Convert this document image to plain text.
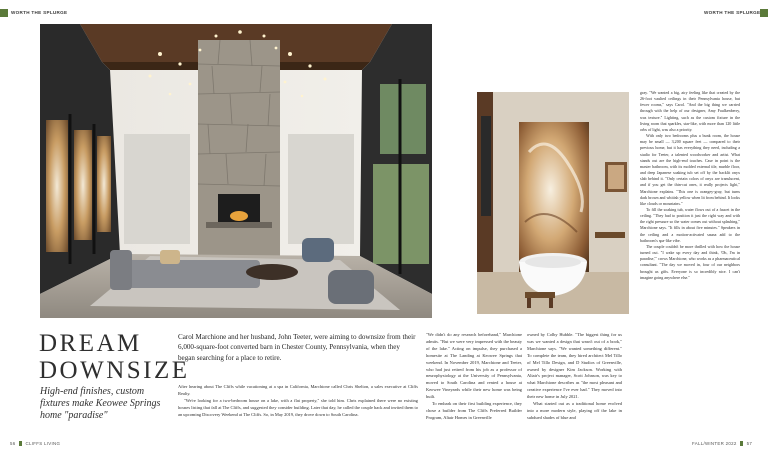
WORTH THE SPLURGE	WORTH THE SPLURGE
DREAM
DOWNSIZE
High-end finishes, custom fixtures make Keowee Springs home "paradise"
Carol Marchione and her husband, John Teeter, were aiming to downsize from their 6,000-square-foot converted barn in Chester County, Pennsylvania, when they began searching for a place to retire.

After hearing about The Cliffs while vacationing at a spa in California, Marchione called Chris Shelton, a sales executive at Cliffs Realty.

"We're looking for a two-bedroom house on a lake, with a flat property," she told him. Chris explained there were no existing houses listing that fall at The Cliffs, and suggested they consider building. Later that day, he called the couple back and invited them to an upcoming Discovery Weekend at The Cliffs. So, in May 2019, they drove down to South Carolina.

"We didn't do any research beforehand," Marchione admits. "But we were very impressed with the beauty of the lake." Acting on impulse, they purchased a homesite at The Landing at Keowee Springs that weekend. In November 2019, Marchione and Teeter, who had just retired from his job as a professor of neurophysiology at the University of Pennsylvania, moved to South Carolina and rented a house at Keowee Vineyards while their new home was being built.

To embark on their first building experience, they chose a builder from The Cliffs Preferred Builder Program, Altair Homes in Greenville

owned by Colby Hubble. "The biggest thing for us was we wanted a design that wasn't out of a book," Marchione says. "We wanted something different." To complete the team, they hired architect Mel Tillo of Mel Tillo Design, and D Studios of Greenville, owned by designer Kim Jackson. Working with Altair's project manager, Scott Johnson, was key to what Marchione describes as "the most pleasant and creative experience I've ever had." They moved into their new home in July 2021.

What started out as a traditional home evolved into a more modern style, playing off the lake in subdued shades of blue and

gray. "We wanted a big, airy feeling like that created by the 26-foot vaulted ceilings in their Pennsylvania house, but fewer rooms," says Carol. "And the big thing we carried through with the help of our designer, Amy Faulkenberry, was texture." Lighting, such as the custom fixture in the living room that sparkles, star-like, with more than 120 little orbs of light, was also a priority.

With only two bedrooms plus a bunk room, the house may be small — 3,200 square feet — compared to their previous home, but it has everything they need, including a studio for Teeter, a talented woodworker and artist. What stands out are the high-end touches. Case in point is the master bathroom, with its molded external tile, marble floor, and deep Japanese soaking tub set off by the backlit onyx slab behind it. "Only certain colors of onyx are translucent, and if you get the thin-cut ones, it really projects light," Marchione explains. "This one is orangey-gray, but turns dark brown and whitish yellow when lit from behind. It looks like clouds or mountains."

To fill the soaking tub, water flows out of a faucet in the ceiling. "They had to position it just the right way and with the right pressure so the water comes out without splashing," Marchione says. "It fills in about five minutes." Speakers in the ceiling and a motion-activated sauna add to the bathroom's spa-like vibe.

The couple couldn't be more thrilled with how the house turned out. "I wake up every day and think, 'Oh, I'm in paradise,'" crows Marchione, who works as a pharmaceutical consultant. "The day we moved in, four of our neighbors brought us gifts. Everyone is so incredibly nice. I can't imagine going anywhere else."

56 CLIFFS LIVING	FALL/WINTER 2022 57
